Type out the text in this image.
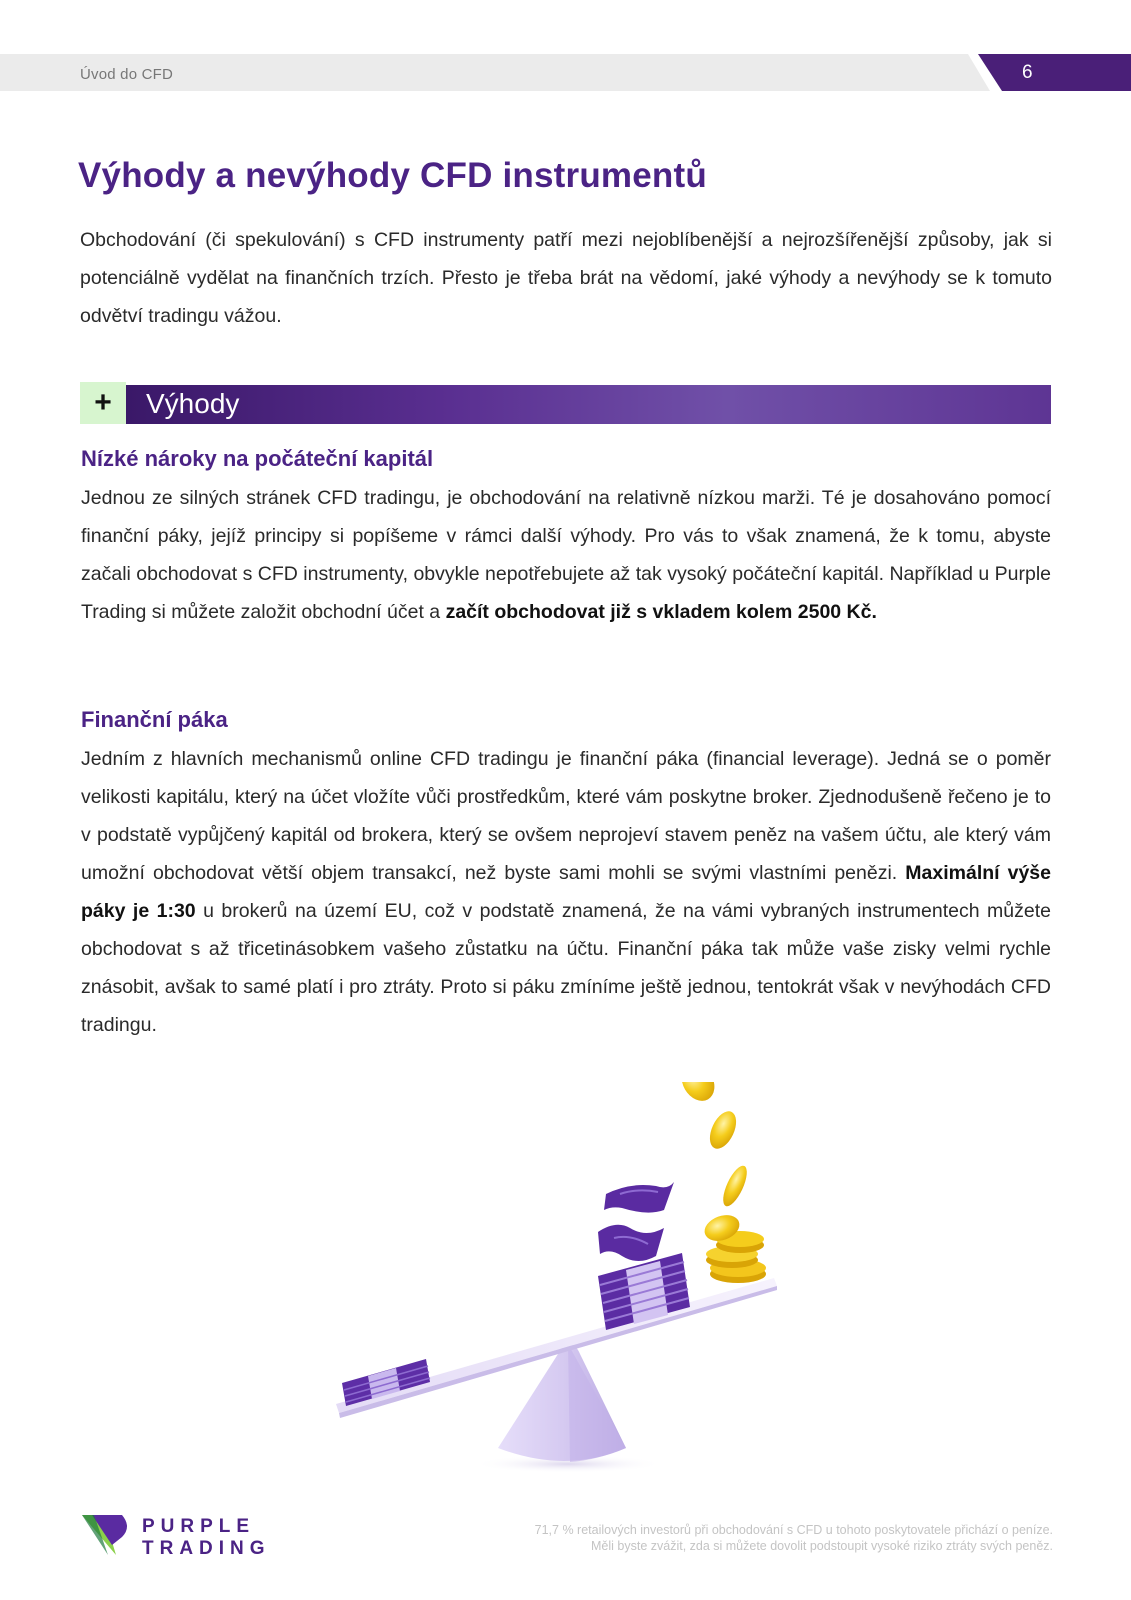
Úvod do CFD	6
Výhody a nevýhody CFD instrumentů

Obchodování (či spekulování) s CFD instrumenty patří mezi nejoblíbenější a nejrozšířenější způsoby, jak si potenciálně vydělat na finančních trzích. Přesto je třeba brát na vědomí, jaké výhody a nevýhody se k tomuto odvětví tradingu vážou.

+	Výhody
Nízké nároky na počáteční kapitál

Jednou ze silných stránek CFD tradingu, je obchodování na relativně nízkou marži. Té je dosahováno pomocí finanční páky, jejíž principy si popíšeme v rámci další výhody. Pro vás to však znamená, že k tomu, abyste začali obchodovat s CFD instrumenty, obvykle nepotřebujete až tak vysoký počáteční kapitál. Například u Purple Trading si můžete založit obchodní účet a začít obchodovat již s vkladem kolem 2500 Kč.

Finanční páka

Jedním z hlavních mechanismů online CFD tradingu je finanční páka (financial leverage). Jedná se o poměr velikosti kapitálu, který na účet vložíte vůči prostředkům, které vám poskytne broker. Zjednodušeně řečeno je to v podstatě vypůjčený kapitál od brokera, který se ovšem neprojeví stavem peněz na vašem účtu, ale který vám umožní obchodovat větší objem transakcí, než byste sami mohli se svými vlastními penězi. Maximální výše páky je 1:30 u brokerů na území EU, což v podstatě znamená, že na vámi vybraných instrumentech můžete obchodovat s až třicetinásobkem vašeho zůstatku na účtu. Finanční páka tak může vaše zisky velmi rychle znásobit, avšak to samé platí i pro ztráty. Proto si páku zmíníme ještě jednou, tentokrát však v nevýhodách CFD tradingu.

PURPLE
TRADING
71,7 % retailových investorů při obchodování s CFD u tohoto poskytovatele přichází o peníze.
Měli byste zvážit, zda si můžete dovolit podstoupit vysoké riziko ztráty svých peněz.
